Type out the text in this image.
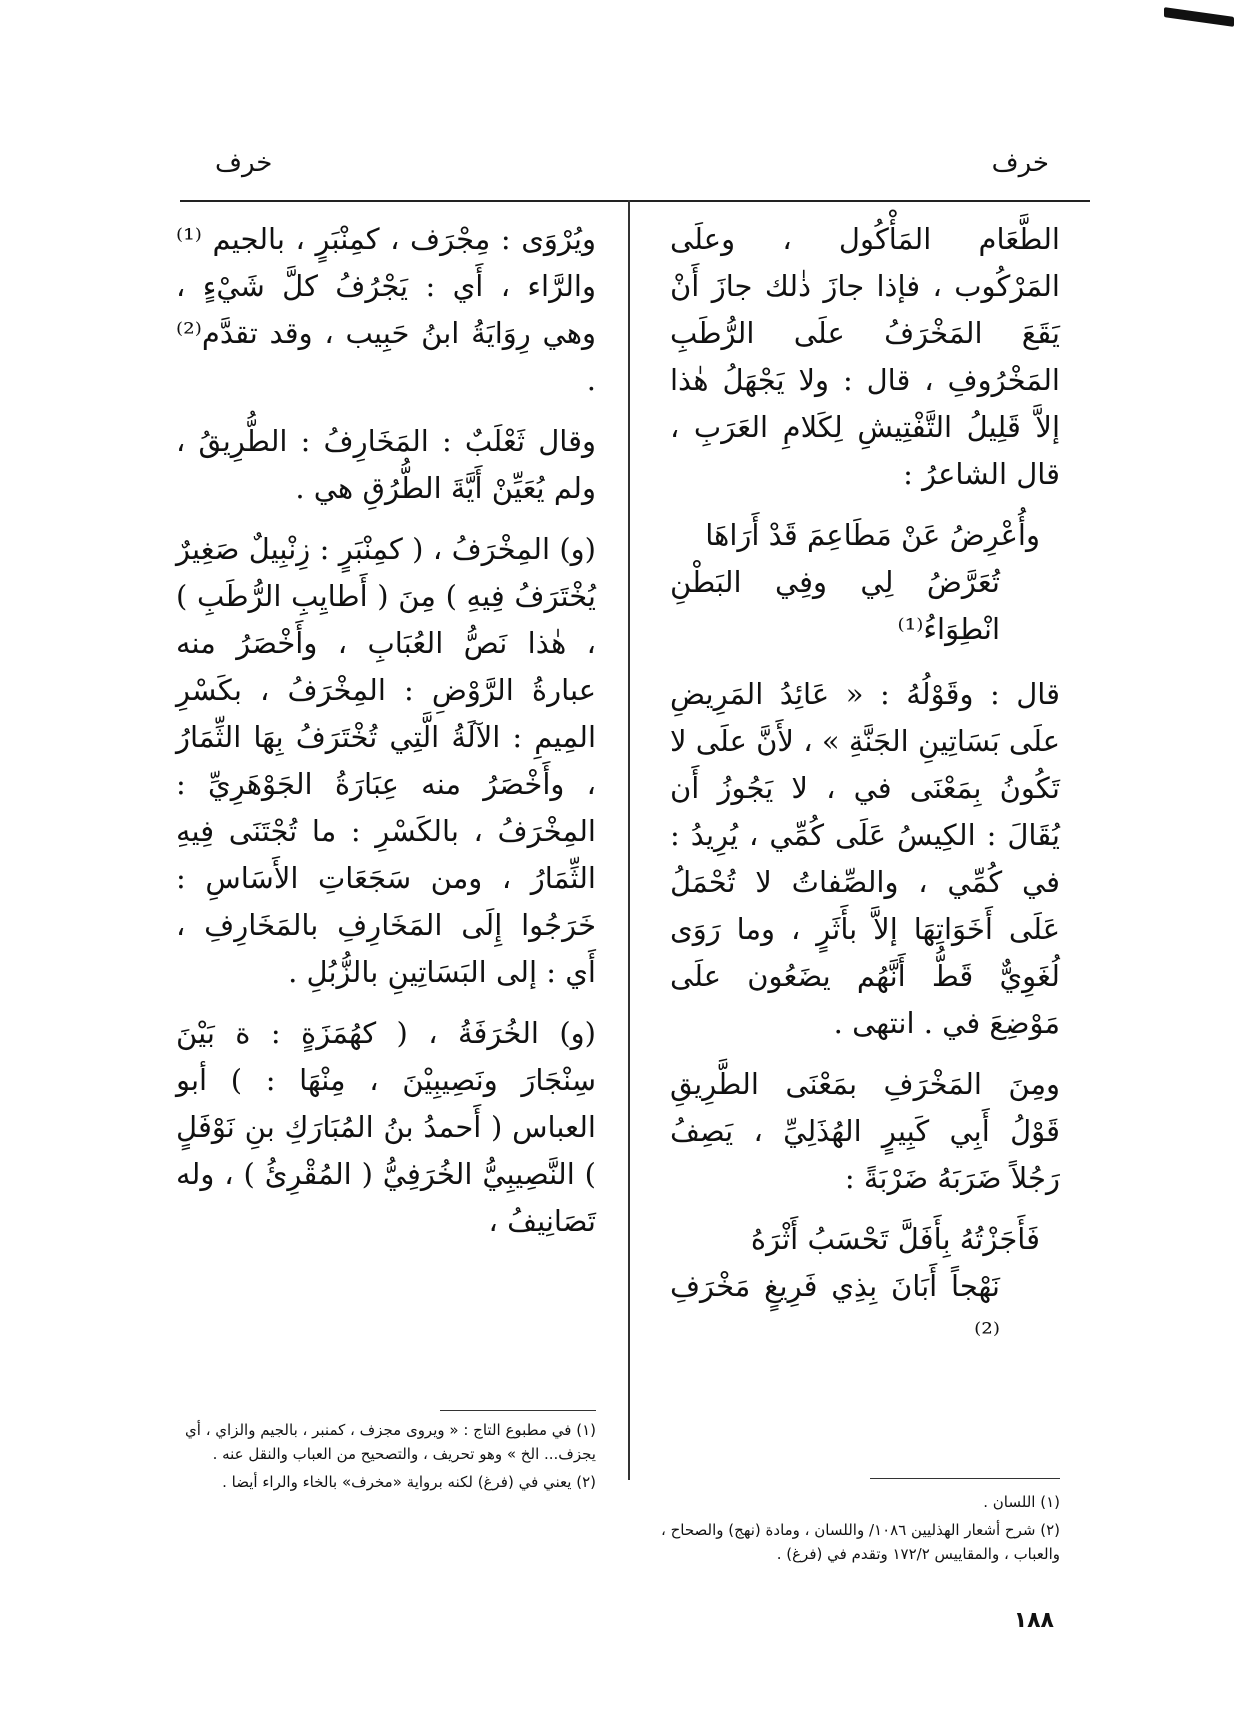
خرف
خرف

الطَّعَام المَأْكُول ، وعلَى المَرْكُوب ، فإذا جازَ ذٰلك جازَ أَنْ يَقَعَ المَخْرَفُ علَى الرُّطَبِ المَخْرُوفِ ، قال : ولا يَجْهَلُ هٰذا إلاَّ قَلِيلُ التَّفْتِيشِ لِكَلامِ العَرَبِ ، قال الشاعرُ :

وأُعْرِضُ عَنْ مَطَاعِمَ قَدْ أَرَاهَا
تُعَرَّضُ لِي وفِي البَطْنِ انْطِوَاءُ⁽¹⁾

قال : وقَوْلُهُ : « عَائِدُ المَرِيضِ علَى بَسَاتِينِ الجَنَّةِ » ، لأَنَّ علَى لا تَكُونُ بِمَعْنَى في ، لا يَجُوزُ أَن يُقَالَ : الكِيسُ عَلَى كُمِّي ، يُرِيدُ : في كُمِّي ، والصِّفاتُ لا تُحْمَلُ عَلَى أَخَوَاتِهَا إلاَّ بأَثَرٍ ، وما رَوَى لُغَوِيٌّ قَطُّ أَنَّهُم يضَعُون علَى مَوْضِعَ في . انتهى .

ومِنَ المَخْرَفِ بمَعْنَى الطَّرِيقِ قَوْلُ أَبِي كَبِيرٍ الهُذَلِيِّ ، يَصِفُ رَجُلاً ضَرَبَهُ ضَرْبَةً :

فَأَجَزْتُهُ بِأَفَلَّ تَحْسَبُ أَثْرَهُ
نَهْجاً أَبَانَ بِذِي فَرِيغٍ مَخْرَفِ ⁽²⁾

ويُرْوَى : مِجْرَف ، كمِنْبَرٍ ، بالجيم ⁽¹⁾ والرَّاء ، أَي : يَجْرُفُ كلَّ شَيْءٍ ، وهي رِوَايَةُ ابنُ حَبِيب ، وقد تقدَّم⁽²⁾ .

وقال ثَعْلَبٌ : المَخَارِفُ : الطُّرِيقُ ، ولم يُعَيِّنْ أَيَّةَ الطُّرُقِ هي .

(و) المِخْرَفُ ، ( كمِنْبَرٍ : زِنْبِيلٌ صَغِيرٌ يُخْتَرَفُ فِيهِ ) مِنَ ( أَطايِبِ الرُّطَبِ ) ، هٰذا نَصُّ العُبَابِ ، وأَخْصَرُ منه عبارةُ الرَّوْضِ : المِخْرَفُ ، بكَسْرِ المِيمِ : الآلَةُ الَّتِي تُخْتَرَفُ بِهَا الثِّمَارُ ، وأَخْصَرُ منه عِبَارَةُ الجَوْهَرِيِّ : المِخْرَفُ ، بالكَسْرِ : ما تُجْتَنَى فِيهِ الثِّمَارُ ، ومن سَجَعَاتِ الأَسَاسِ : خَرَجُوا إِلَى المَخَارِفِ بالمَخَارِفِ ، أَي : إلى البَسَاتِينِ بالزُّبُلِ .

(و) الخُرَفَةُ ، ( كهُمَزَةٍ : ة بَيْنَ سِنْجَارَ ونَصِيبِيْنَ ، مِنْهَا : ) أبو العباس ( أَحمدُ بنُ المُبَارَكِ بنِ نَوْفَلٍ ) النَّصِيبِيُّ الخُرَفِيُّ ( المُقْرِئُ ) ، وله تَصَانِيفُ ،

(١) اللسان .

(٢) شرح أشعار الهذليين ١٠٨٦/ واللسان ، ومادة (نهج) والصحاح ، والعباب ، والمقاييس ١٧٢/٢ وتقدم في (فرغ) .

(١) في مطبوع التاج : « ويروى مجزف ، كمنبر ، بالجيم والزاي ، أي يجزف... الخ » وهو تحريف ، والتصحيح من العباب والنقل عنه .

(٢) يعني في (فرغ) لكنه برواية «مخرف» بالخاء والراء أيضا .

١٨٨
